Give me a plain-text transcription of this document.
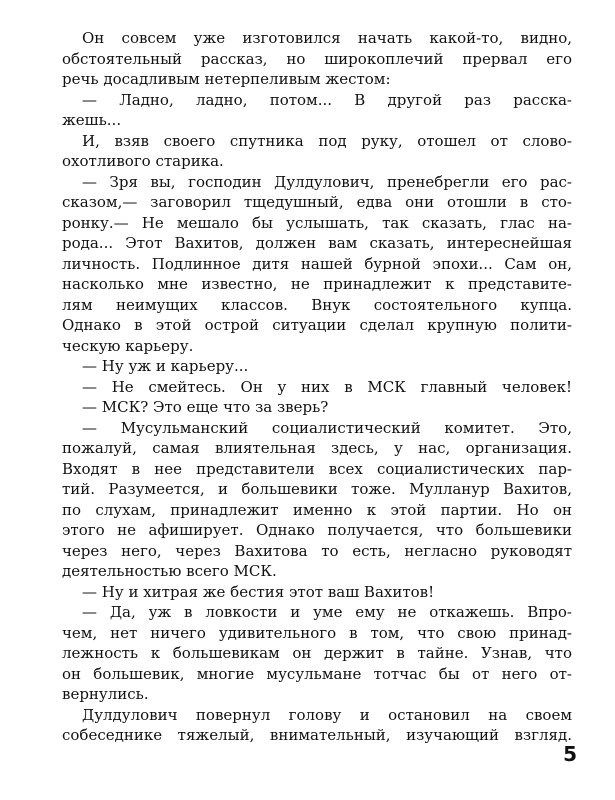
Он совсем уже изготовился начать какой-то, видно,
обстоятельный рассказ, но широкоплечий прервал его
речь досадливым нетерпеливым жестом:
— Ладно, ладно, потом... В другой раз расска-
жешь...
И, взяв своего спутника под руку, отошел от слово-
охотливого старика.
— Зря вы, господин Дулдулович, пренебрегли его рас-
сказом,— заговорил тщедушный, едва они отошли в сто-
ронку.— Не мешало бы услышать, так сказать, глас на-
рода... Этот Вахитов, должен вам сказать, интереснейшая
личность. Подлинное дитя нашей бурной эпохи... Сам он,
насколько мне известно, не принадлежит к представите-
лям неимущих классов. Внук состоятельного купца.
Однако в этой острой ситуации сделал крупную полити-
ческую карьеру.
— Ну уж и карьеру...
— Не смейтесь. Он у них в МСК главный человек!
— МСК? Это еще что за зверь?
— Мусульманский социалистический комитет. Это,
пожалуй, самая влиятельная здесь, у нас, организация.
Входят в нее представители всех социалистических пар-
тий. Разумеется, и большевики тоже. Мулланур Вахитов,
по слухам, принадлежит именно к этой партии. Но он
этого не афиширует. Однако получается, что большевики
через него, через Вахитова то есть, негласно руководят
деятельностью всего МСК.
— Ну и хитрая же бестия этот ваш Вахитов!
— Да, уж в ловкости и уме ему не откажешь. Впро-
чем, нет ничего удивительного в том, что свою принад-
лежность к большевикам он держит в тайне. Узнав, что
он большевик, многие мусульмане тотчас бы от него от-
вернулись.
Дулдулович повернул голову и остановил на своем
собеседнике тяжелый, внимательный, изучающий взгляд.
5
